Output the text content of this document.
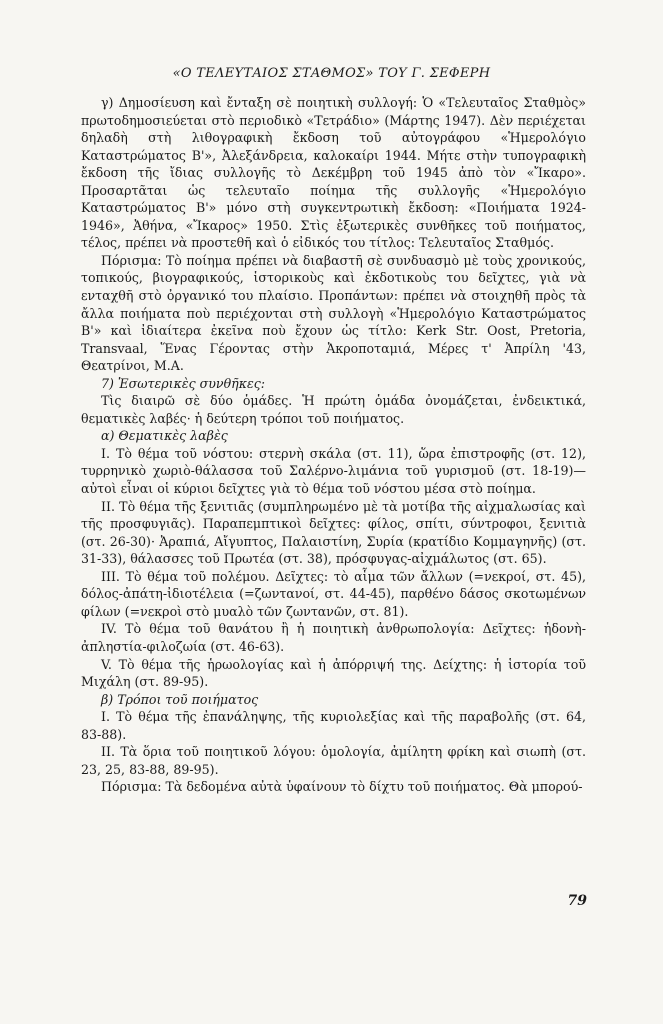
«Ο ΤΕΛΕΥΤΑΙΟΣ ΣΤΑΘΜΟΣ» ΤΟΥ Γ. ΣΕΦΕΡΗ

γ) Δημοσίευση καὶ ἔνταξη σὲ ποιητικὴ συλλογή: Ὁ «Τελευταῖος Σταθμὸς» πρωτοδημοσιεύεται στὸ περιοδικὸ «Τετράδιο» (Μάρτης 1947). Δὲν περιέχεται δηλαδὴ στὴ λιθογραφικὴ ἔκδοση τοῦ αὐτογράφου «Ἡμερολόγιο Καταστρώματος Β'», Ἀλεξάνδρεια, καλοκαίρι 1944. Μήτε στὴν τυπογραφικὴ ἔκδοση τῆς ἴδιας συλλογῆς τὸ Δεκέμβρη τοῦ 1945 ἀπὸ τὸν «Ἴκαρο». Προσαρτᾶται ὡς τελευταῖο ποίημα τῆς συλλογῆς «Ἡμερολόγιο Καταστρώματος Β'» μόνο στὴ συγκεντρωτικὴ ἔκδοση: «Ποιήματα 1924-1946», Ἀθήνα, «Ἴκαρος» 1950. Στὶς ἐξωτερικὲς συνθῆκες τοῦ ποιήματος, τέλος, πρέπει νὰ προστεθῆ καὶ ὁ εἰδικός του τίτλος: Τελευταῖος Σταθμός.

Πόρισμα: Τὸ ποίημα πρέπει νὰ διαβαστῆ σὲ συνδυασμὸ μὲ τοὺς χρονικούς, τοπικούς, βιογραφικούς, ἱστορικοὺς καὶ ἐκδοτικοὺς του δεῖχτες, γιὰ νὰ ενταχθῆ στὸ ὀργανικό του πλαίσιο. Προπάντων: πρέπει νὰ στοιχηθῆ πρὸς τὰ ἄλλα ποιήματα ποὺ περιέχονται στὴ συλλογὴ «Ἡμερολόγιο Καταστρώματος Β'» καὶ ἰδιαίτερα ἐκεῖνα ποὺ ἔχουν ὡς τίτλο: Kerk Str. Oost, Pretoria, Transvaal, Ἕνας Γέροντας στὴν Ἀκροποταμιά, Μέρες τ' Ἀπρίλη '43, Θεατρίνοι, Μ.Α.

7) Ἐσωτερικὲς συνθῆκες:

Τὶς διαιρῶ σὲ δύο ὁμάδες. Ἡ πρώτη ὁμάδα ὀνομάζεται, ἐνδεικτικά, θεματικὲς λαβές· ἡ δεύτερη τρόποι τοῦ ποιήματος.

α) Θεματικὲς λαβὲς

Ι. Τὸ θέμα τοῦ νόστου: στερνὴ σκάλα (στ. 11), ὥρα ἐπιστροφῆς (στ. 12), τυρρηνικὸ χωριὸ-θάλασσα τοῦ Σαλέρνο-λιμάνια τοῦ γυρισμοῦ (στ. 18-19)— αὐτοὶ εἶναι οἱ κύριοι δεῖχτες γιὰ τὸ θέμα τοῦ νόστου μέσα στὸ ποίημα.

ΙΙ. Τὸ θέμα τῆς ξενιτιᾶς (συμπληρωμένο μὲ τὰ μοτίβα τῆς αἰχμαλωσίας καὶ τῆς προσφυγιᾶς). Παραπεμπτικοὶ δεῖχτες: φίλος, σπίτι, σύντροφοι, ξενιτιὰ (στ. 26-30)· Ἀραπιά, Αἴγυπτος, Παλαιστίνη, Συρία (κρατίδιο Κομμαγηνῆς) (στ. 31-33), θάλασσες τοῦ Πρωτέα (στ. 38), πρόσφυγας-αἰχμάλωτος (στ. 65).

ΙΙΙ. Τὸ θέμα τοῦ πολέμου. Δεῖχτες: τὸ αἷμα τῶν ἄλλων (=νεκροί, στ. 45), δόλος-ἀπάτη-ἰδιοτέλεια (=ζωντανοί, στ. 44-45), παρθένο δάσος σκοτωμένων φίλων (=νεκροὶ στὸ μυαλὸ τῶν ζωντανῶν, στ. 81).

ΙV. Τὸ θέμα τοῦ θανάτου ἢ ἡ ποιητικὴ ἀνθρωπολογία: Δεῖχτες: ἡδονὴ-ἀπληστία-φιλοζωία (στ. 46-63).

V. Τὸ θέμα τῆς ἡρωολογίας καὶ ἡ ἀπόρριψή της. Δείχτης: ἡ ἱστορία τοῦ Μιχάλη (στ. 89-95).

β) Τρόποι τοῦ ποιήματος

Ι. Τὸ θέμα τῆς ἐπανάληψης, τῆς κυριολεξίας καὶ τῆς παραβολῆς (στ. 64, 83-88).

ΙΙ. Τὰ ὅρια τοῦ ποιητικοῦ λόγου: ὁμολογία, ἀμίλητη φρίκη καὶ σιωπὴ (στ. 23, 25, 83-88, 89-95).

Πόρισμα: Τὰ δεδομένα αὐτὰ ὑφαίνουν τὸ δίχτυ τοῦ ποιήματος. Θὰ μπορού-

79
